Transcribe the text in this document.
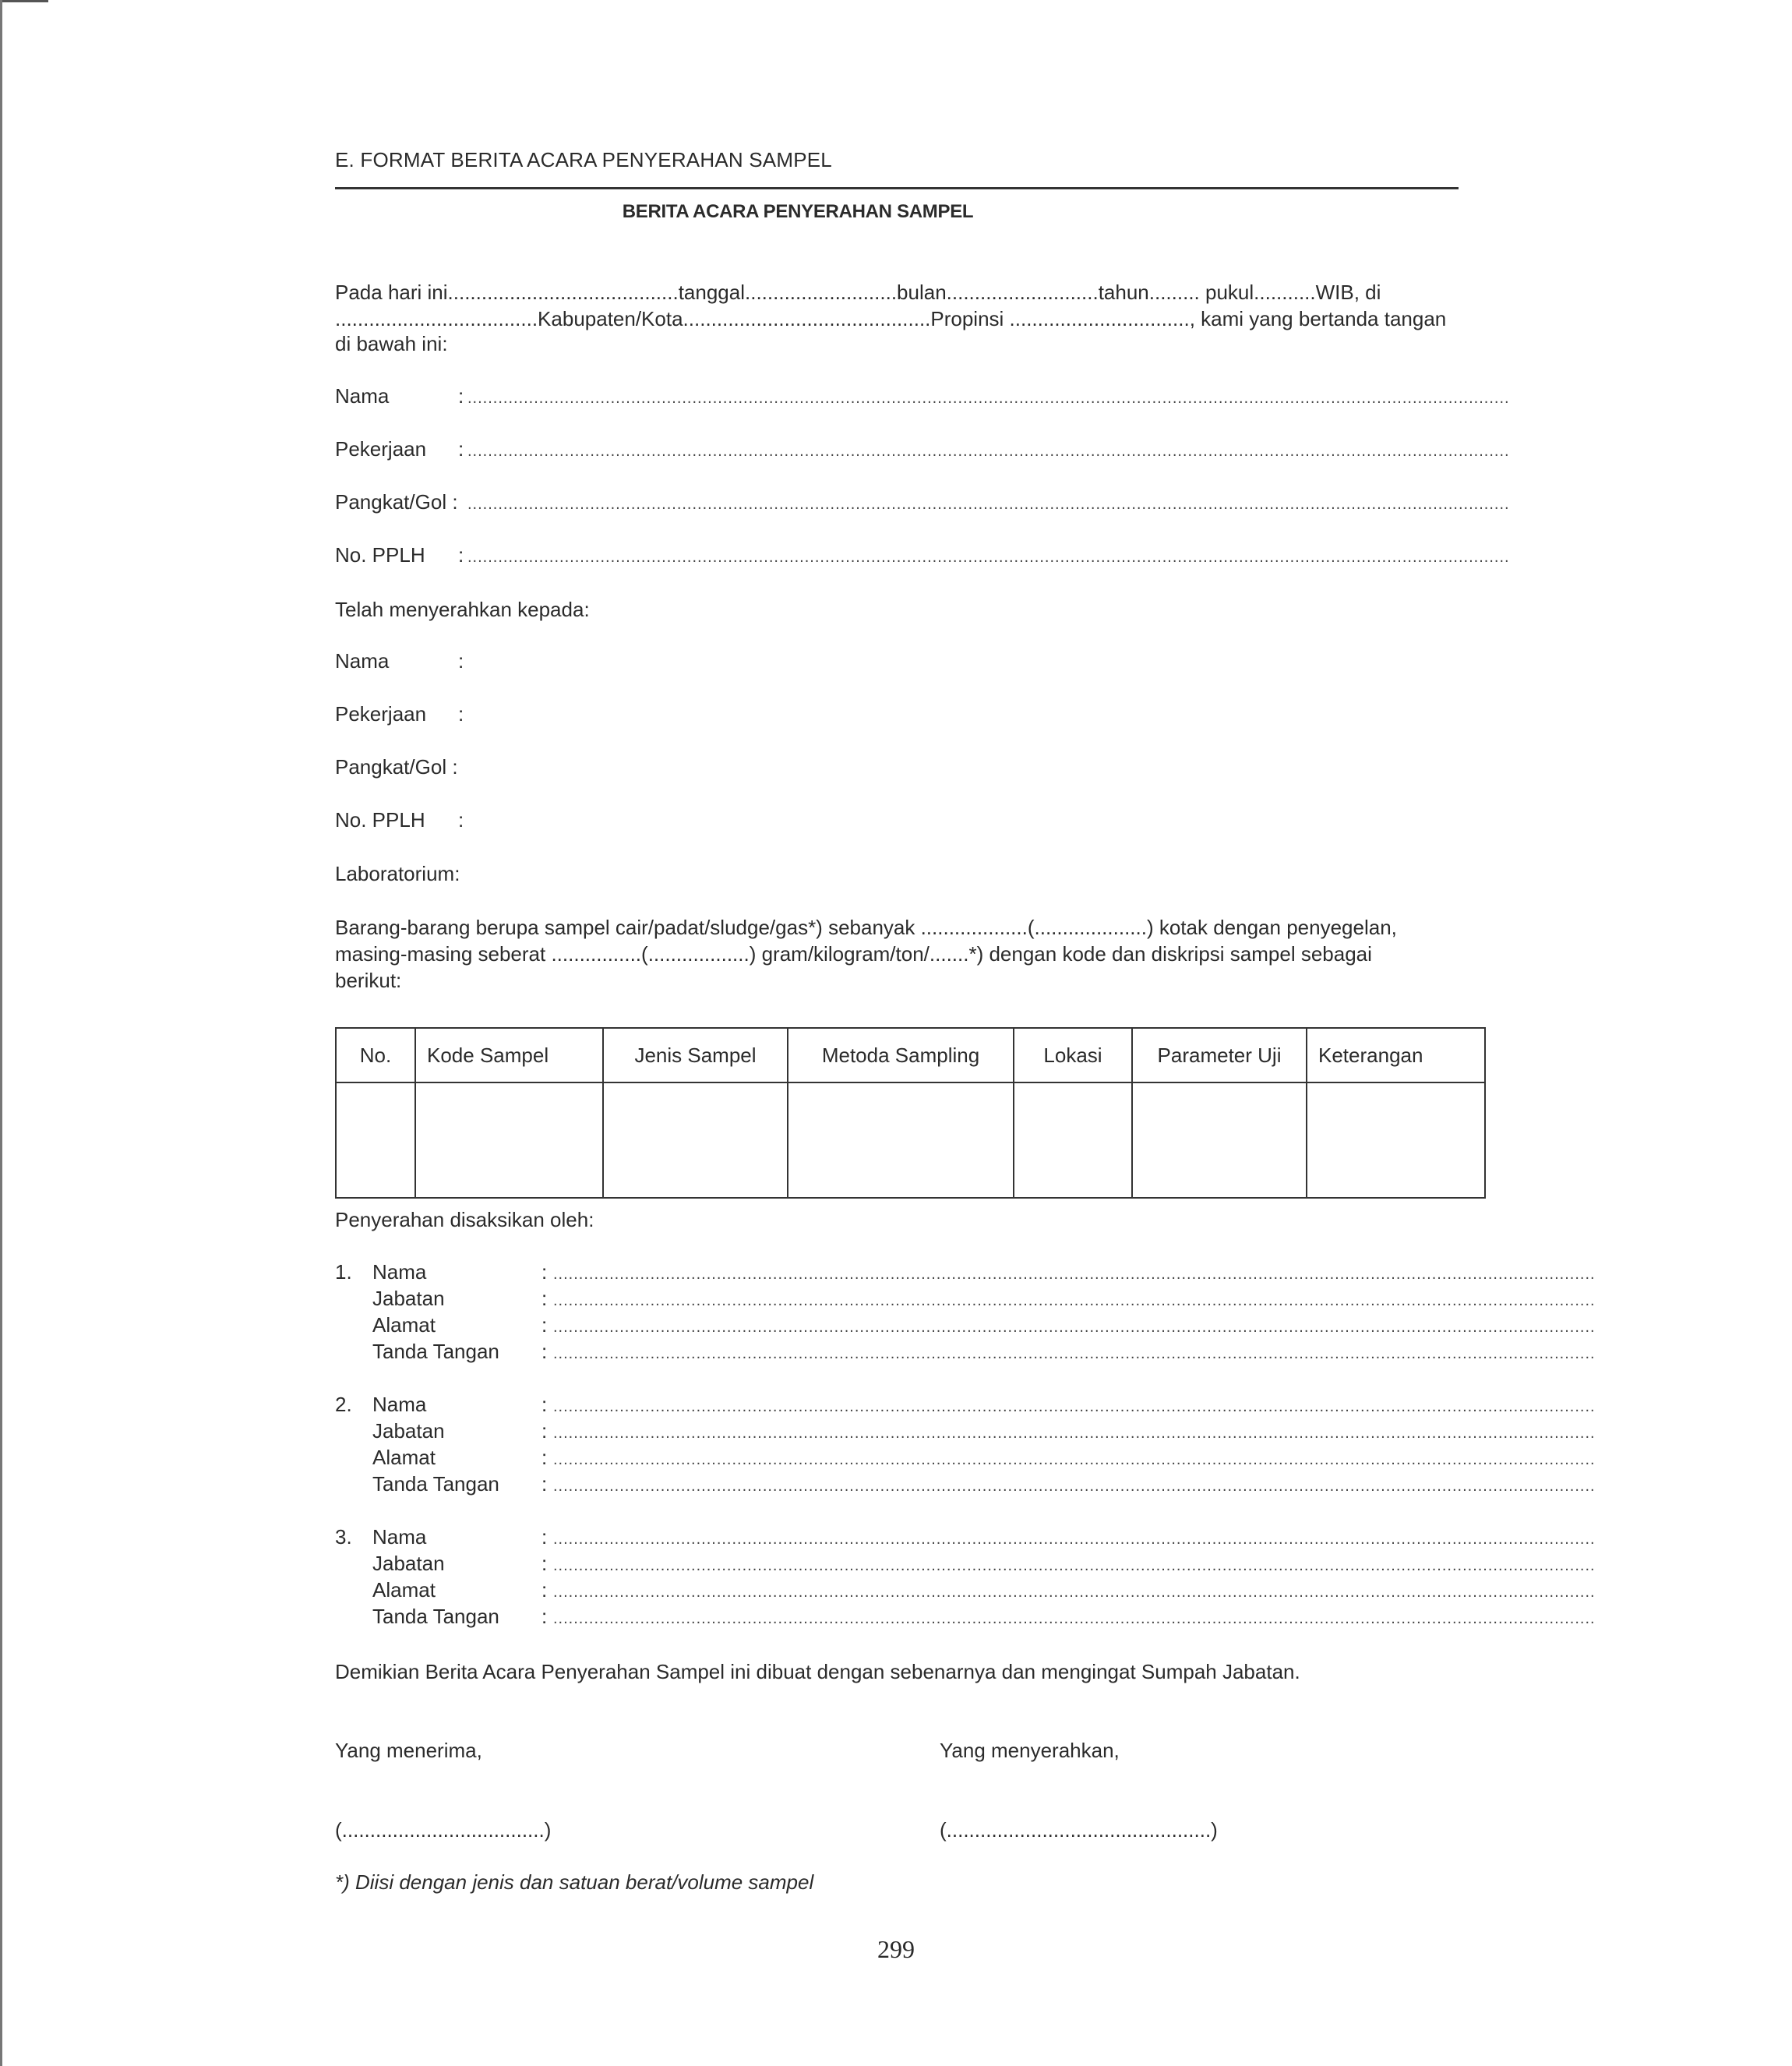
E. FORMAT BERITA ACARA PENYERAHAN SAMPEL
BERITA ACARA PENYERAHAN SAMPEL
Pada hari ini.........................................tanggal...........................bulan...........................tahun......... pukul...........WIB, di
....................................Kabupaten/Kota............................................Propinsi ................................, kami yang bertanda tangan
di bawah ini:
Nama	: ............................................................................................................................................................................................................
Pekerjaan : ............................................................................................................................................................................................................
Pangkat/Gol : ............................................................................................................................................................................................................
No. PPLH : ............................................................................................................................................................................................................
Telah menyerahkan kepada:
Nama	:
Pekerjaan :
Pangkat/Gol :
No. PPLH :
Laboratorium:
Barang-barang berupa sampel cair/padat/sludge/gas*) sebanyak ...................(....................) kotak dengan penyegelan,
masing-masing seberat ................(..................) gram/kilogram/ton/.......*) dengan kode dan diskripsi sampel sebagai
berikut:
No.	Kode Sampel	Jenis Sampel	Metoda Sampling	Lokasi	Parameter Uji	Keterangan

Penyerahan disaksikan oleh:
1. Nama	: ............................................................................................................................................................................................................
Jabatan	: ............................................................................................................................................................................................................
Alamat	: ............................................................................................................................................................................................................
Tanda Tangan : ............................................................................................................................................................................................................
2. Nama	: ............................................................................................................................................................................................................
Jabatan	: ............................................................................................................................................................................................................
Alamat	: ............................................................................................................................................................................................................
Tanda Tangan : ............................................................................................................................................................................................................
3. Nama	: ............................................................................................................................................................................................................
Jabatan	: ............................................................................................................................................................................................................
Alamat	: ............................................................................................................................................................................................................
Tanda Tangan : ............................................................................................................................................................................................................
Demikian Berita Acara Penyerahan Sampel ini dibuat dengan sebenarnya dan mengingat Sumpah Jabatan.
Yang menerima,	Yang menyerahkan,
(....................................)	(...............................................)
*) Diisi dengan jenis dan satuan berat/volume sampel
299
